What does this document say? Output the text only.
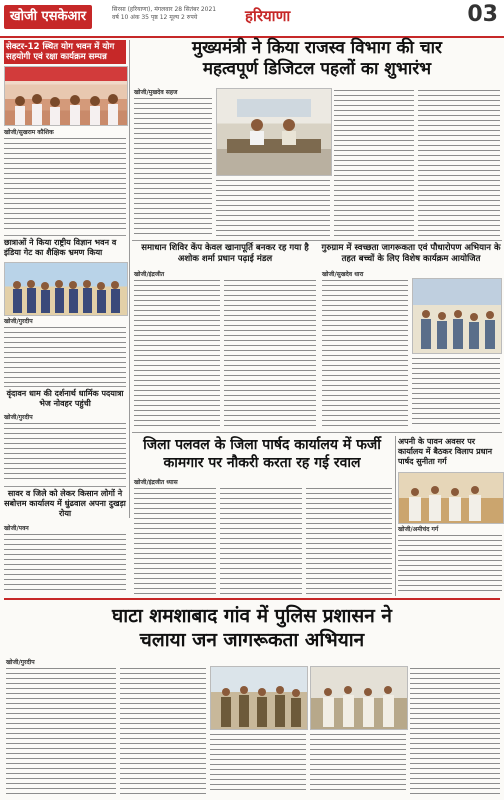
खोजी एसकेआर	सिरसा (हरियाणा), मंगलवार 28 सितंबर 2021
वर्ष 10 अंक 35 पृष्ठ 12 मूल्य 2 रुपये	हरियाणा	03
सेक्टर-12 स्थित योग भवन में योग सहयोगी एवं रक्षा कार्यक्रम सम्पन्न
खोजी/सुखराम कौशिक
छात्राओं ने किया राष्ट्रीय विज्ञान भवन व इंडिया गेट का शैक्षिक भ्रमण किया
खोजी/गुरदीप
वृंदावन धाम की दर्शनार्थ धार्मिक पदयात्रा भेज नोवहर पहुंची
खोजी/गुरदीप
मुख्यमंत्री ने किया राजस्व विभाग की चार
महत्वपूर्ण डिजिटल पहलों का शुभारंभ
खोजी/मुखदेव सहज
समाधान शिविर केंप केवल खानापूर्ति बनकर रह गया है अशोक शर्मा प्रधान पढ़ाई मंडल
खोजी/इंद्रजीत
गुरुग्राम में स्वच्छता जागरूकता एवं पौधारोपण अभियान के तहत बच्चों के लिए विशेष कार्यक्रम आयोजित
खोजी/सुखदेव धारा
जिला पलवल के जिला पार्षद कार्यालय में फर्जी
कामगार पर नौकरी करता रह गई रवाल
खोजी/इंद्रजीत ध्यास
अपनी के पावन अवसर पर कार्यालय में बैठकर विलाप प्रधान पार्षद सुनीता गर्ग
खोजी/अमीचंद गर्ग
सावर व जिले को लेकर किसान लोगों ने सबोत्तम कार्यालय में धुंढवाल अपना दुखड़ा रोया
खोजी/पवन
घाटा शमशाबाद गांव में पुलिस प्रशासन ने
चलाया जन जागरूकता अभियान
खोजी/गुरदीप
